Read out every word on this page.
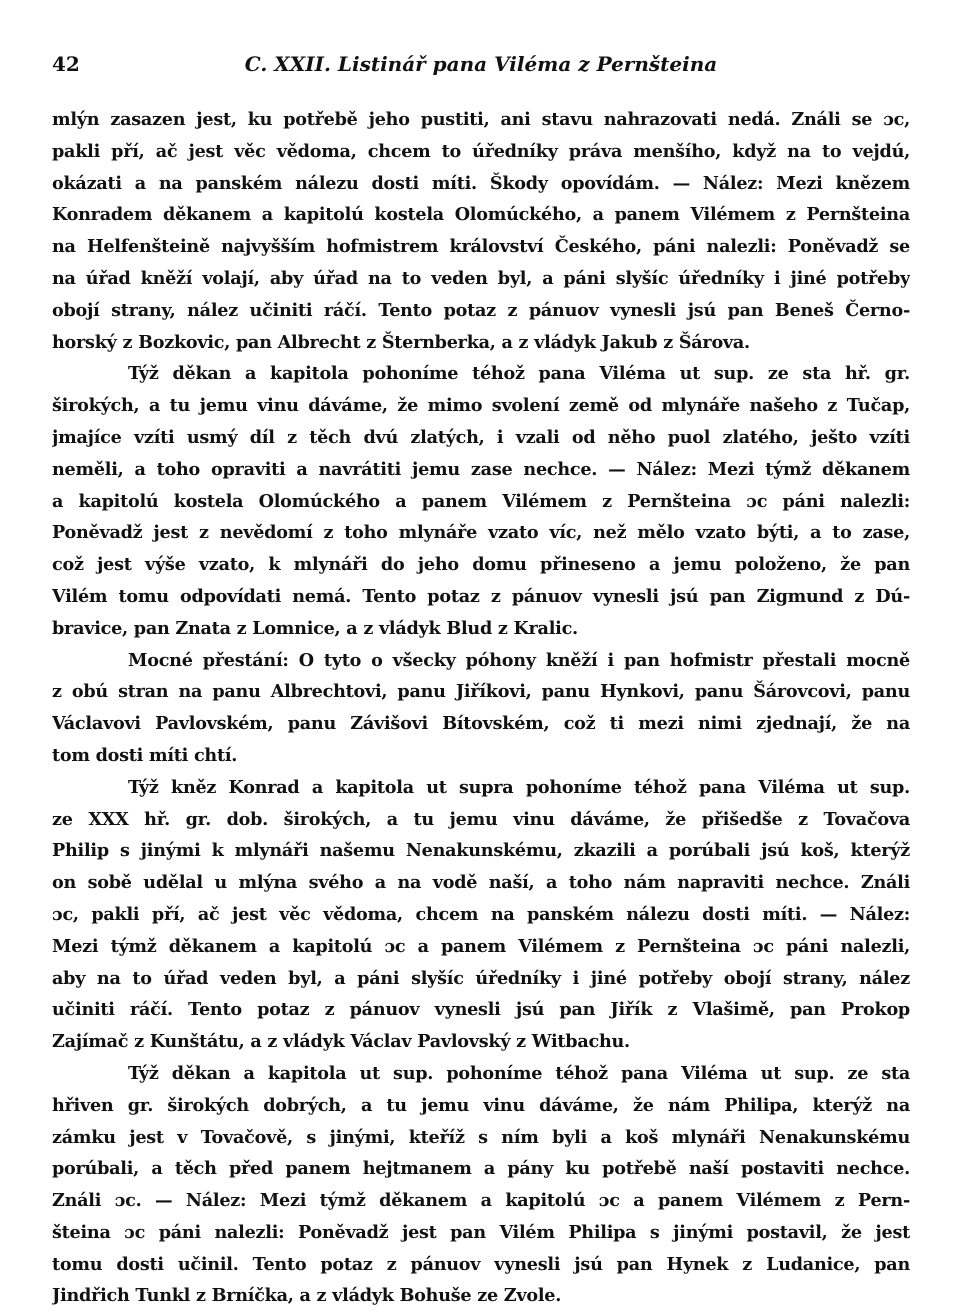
42	C. XXII. Listinář pana Viléma z Pernšteina
mlýn zasazen jest, ku potřebě jeho pustiti, ani stavu nahrazovati nedá. Ználi se ɔc,
pakli pří, ač jest věc vědoma, chcem to úředníky práva menšího, když na to vejdú,
okázati a na panském nálezu dosti míti. Škody opovídám. — Nález: Mezi knězem
Konradem děkanem a kapitolú kostela Olomúckého, a panem Vilémem z Pernšteina
na Helfenšteině najvyšším hofmistrem království Českého, páni nalezli: Poněvadž se
na úřad kněží volají, aby úřad na to veden byl, a páni slyšíc úředníky i jiné potřeby
obojí strany, nález učiniti ráčí. Tento potaz z pánuov vynesli jsú pan Beneš Černo-
horský z Bozkovic, pan Albrecht z Šternberka, a z vládyk Jakub z Šárova.
Týž děkan a kapitola pohoníme téhož pana Viléma ut sup. ze sta hř. gr.
širokých, a tu jemu vinu dáváme, že mimo svolení země od mlynáře našeho z Tučap,
jmajíce vzíti usmý díl z těch dvú zlatých, i vzali od něho puol zlatého, ješto vzíti
neměli, a toho opraviti a navrátiti jemu zase nechce. — Nález: Mezi týmž děkanem
a kapitolú kostela Olomúckého a panem Vilémem z Pernšteina ɔc páni nalezli:
Poněvadž jest z nevědomí z toho mlynáře vzato víc, než mělo vzato býti, a to zase,
což jest výše vzato, k mlynáři do jeho domu přineseno a jemu položeno, že pan
Vilém tomu odpovídati nemá. Tento potaz z pánuov vynesli jsú pan Zigmund z Dú-
bravice, pan Znata z Lomnice, a z vládyk Blud z Kralic.
Mocné přestání: O tyto o všecky póhony kněží i pan hofmistr přestali mocně
z obú stran na panu Albrechtovi, panu Jiříkovi, panu Hynkovi, panu Šárovcovi, panu
Václavovi Pavlovském, panu Závišovi Bítovském, což ti mezi nimi zjednají, že na
tom dosti míti chtí.
Týž kněz Konrad a kapitola ut supra pohoníme téhož pana Viléma ut sup.
ze XXX hř. gr. dob. širokých, a tu jemu vinu dáváme, že přišedše z Tovačova
Philip s jinými k mlynáři našemu Nenakunskému, zkazili a porúbali jsú koš, kterýž
on sobě udělal u mlýna svého a na vodě naší, a toho nám napraviti nechce. Ználi
ɔc, pakli pří, ač jest věc vědoma, chcem na panském nálezu dosti míti. — Nález:
Mezi týmž děkanem a kapitolú ɔc a panem Vilémem z Pernšteina ɔc páni nalezli,
aby na to úřad veden byl, a páni slyšíc úředníky i jiné potřeby obojí strany, nález
učiniti ráčí. Tento potaz z pánuov vynesli jsú pan Jiřík z Vlašimě, pan Prokop
Zajímač z Kunštátu, a z vládyk Václav Pavlovský z Witbachu.
Týž děkan a kapitola ut sup. pohoníme téhož pana Viléma ut sup. ze sta
hřiven gr. širokých dobrých, a tu jemu vinu dáváme, že nám Philipa, kterýž na
zámku jest v Tovačově, s jinými, kteříž s ním byli a koš mlynáři Nenakunskému
porúbali, a těch před panem hejtmanem a pány ku potřebě naší postaviti nechce.
Ználi ɔc. — Nález: Mezi týmž děkanem a kapitolú ɔc a panem Vilémem z Pern-
šteina ɔc páni nalezli: Poněvadž jest pan Vilém Philipa s jinými postavil, že jest
tomu dosti učinil. Tento potaz z pánuov vynesli jsú pan Hynek z Ludanice, pan
Jindřich Tunkl z Brníčka, a z vládyk Bohuše ze Zvole.
